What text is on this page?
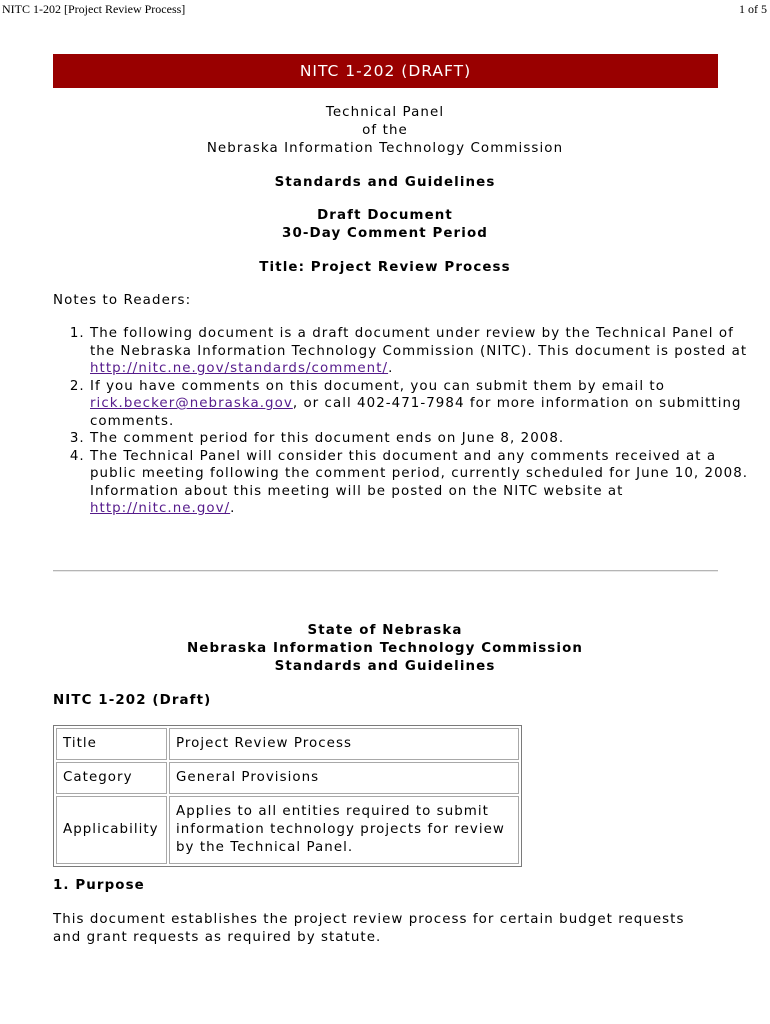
NITC 1-202 [Project Review Process]	1 of 5
NITC 1-202 (DRAFT)
Technical Panel
of the
Nebraska Information Technology Commission
Standards and Guidelines
Draft Document
30-Day Comment Period
Title: Project Review Process
Notes to Readers:
1. The following document is a draft document under review by the Technical Panel of the Nebraska Information Technology Commission (NITC). This document is posted at http://nitc.ne.gov/standards/comment/.
2. If you have comments on this document, you can submit them by email to rick.becker@nebraska.gov, or call 402-471-7984 for more information on submitting comments.
3. The comment period for this document ends on June 8, 2008.
4. The Technical Panel will consider this document and any comments received at a public meeting following the comment period, currently scheduled for June 10, 2008. Information about this meeting will be posted on the NITC website at http://nitc.ne.gov/.
State of Nebraska
Nebraska Information Technology Commission
Standards and Guidelines
NITC 1-202 (Draft)
Title	Project Review Process
Category	General Provisions
Applicability	Applies to all entities required to submit information technology projects for review by the Technical Panel.
1. Purpose
This document establishes the project review process for certain budget requests and grant requests as required by statute.
